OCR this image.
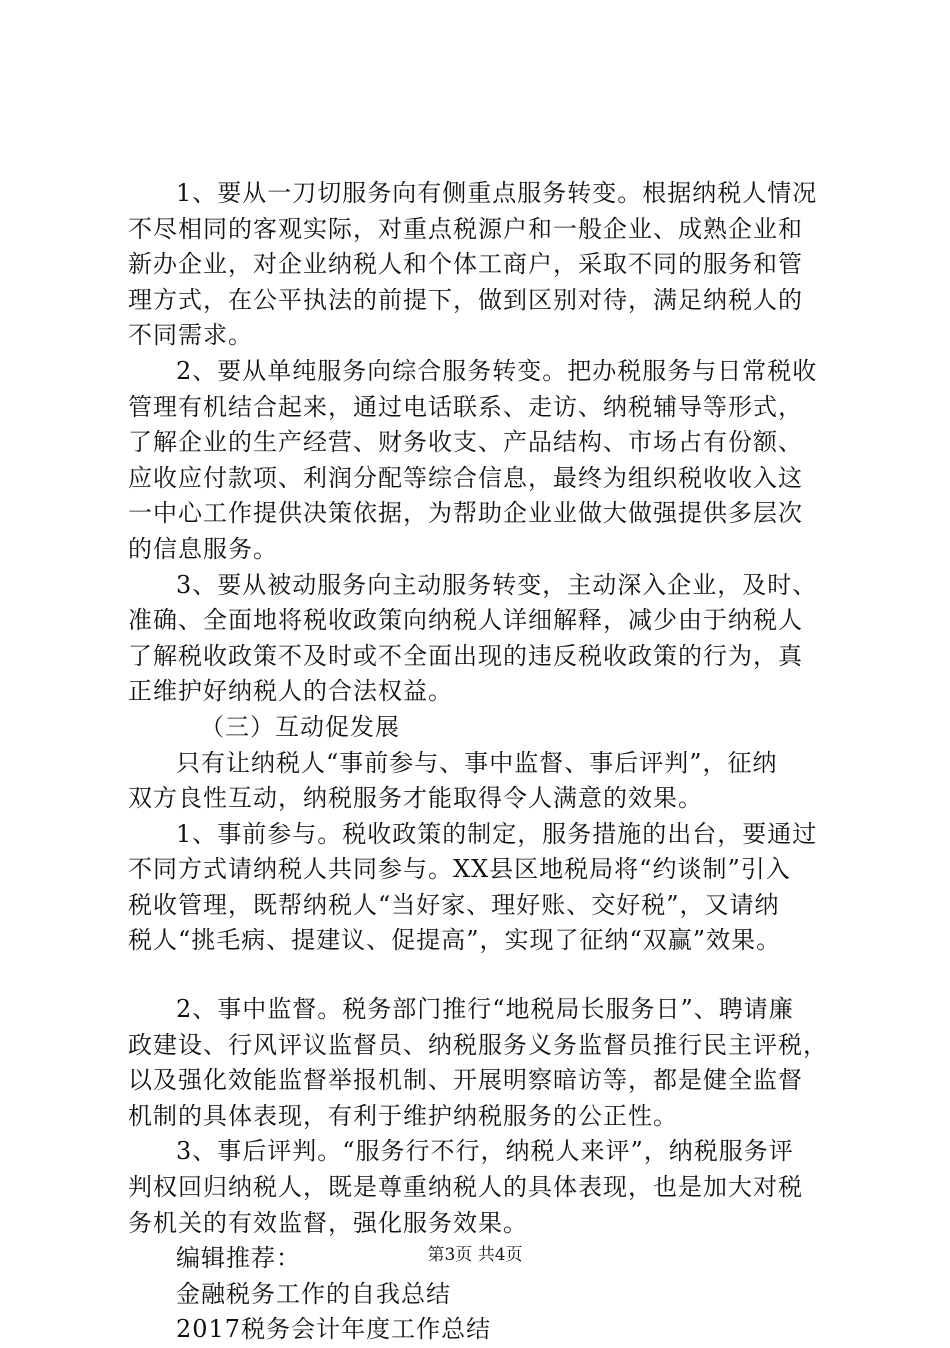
1、要从一刀切服务向有侧重点服务转变。根据纳税人情况
不尽相同的客观实际，对重点税源户和一般企业、成熟企业和
新办企业，对企业纳税人和个体工商户，采取不同的服务和管
理方式，在公平执法的前提下，做到区别对待，满足纳税人的
不同需求。
2、要从单纯服务向综合服务转变。把办税服务与日常税收
管理有机结合起来，通过电话联系、走访、纳税辅导等形式，
了解企业的生产经营、财务收支、产品结构、市场占有份额、
应收应付款项、利润分配等综合信息，最终为组织税收收入这
一中心工作提供决策依据，为帮助企业业做大做强提供多层次
的信息服务。
3、要从被动服务向主动服务转变，主动深入企业，及时、
准确、全面地将税收政策向纳税人详细解释，减少由于纳税人
了解税收政策不及时或不全面出现的违反税收政策的行为，真
正维护好纳税人的合法权益。
（三）互动促发展
只有让纳税人“事前参与、事中监督、事后评判”，征纳
双方良性互动，纳税服务才能取得令人满意的效果。
1、事前参与。税收政策的制定，服务措施的出台，要通过
不同方式请纳税人共同参与。XX县区地税局将“约谈制”引入
税收管理，既帮纳税人“当好家、理好账、交好税”，又请纳
税人“挑毛病、提建议、促提高”，实现了征纳“双赢”效果。
2、事中监督。税务部门推行“地税局长服务日”、聘请廉
政建设、行风评议监督员、纳税服务义务监督员推行民主评税，
以及强化效能监督举报机制、开展明察暗访等，都是健全监督
机制的具体表现，有利于维护纳税服务的公正性。
3、事后评判。“服务行不行，纳税人来评”，纳税服务评
判权回归纳税人，既是尊重纳税人的具体表现，也是加大对税
务机关的有效监督，强化服务效果。
编辑推荐：
金融税务工作的自我总结
2017税务会计年度工作总结
第3页 共4页
